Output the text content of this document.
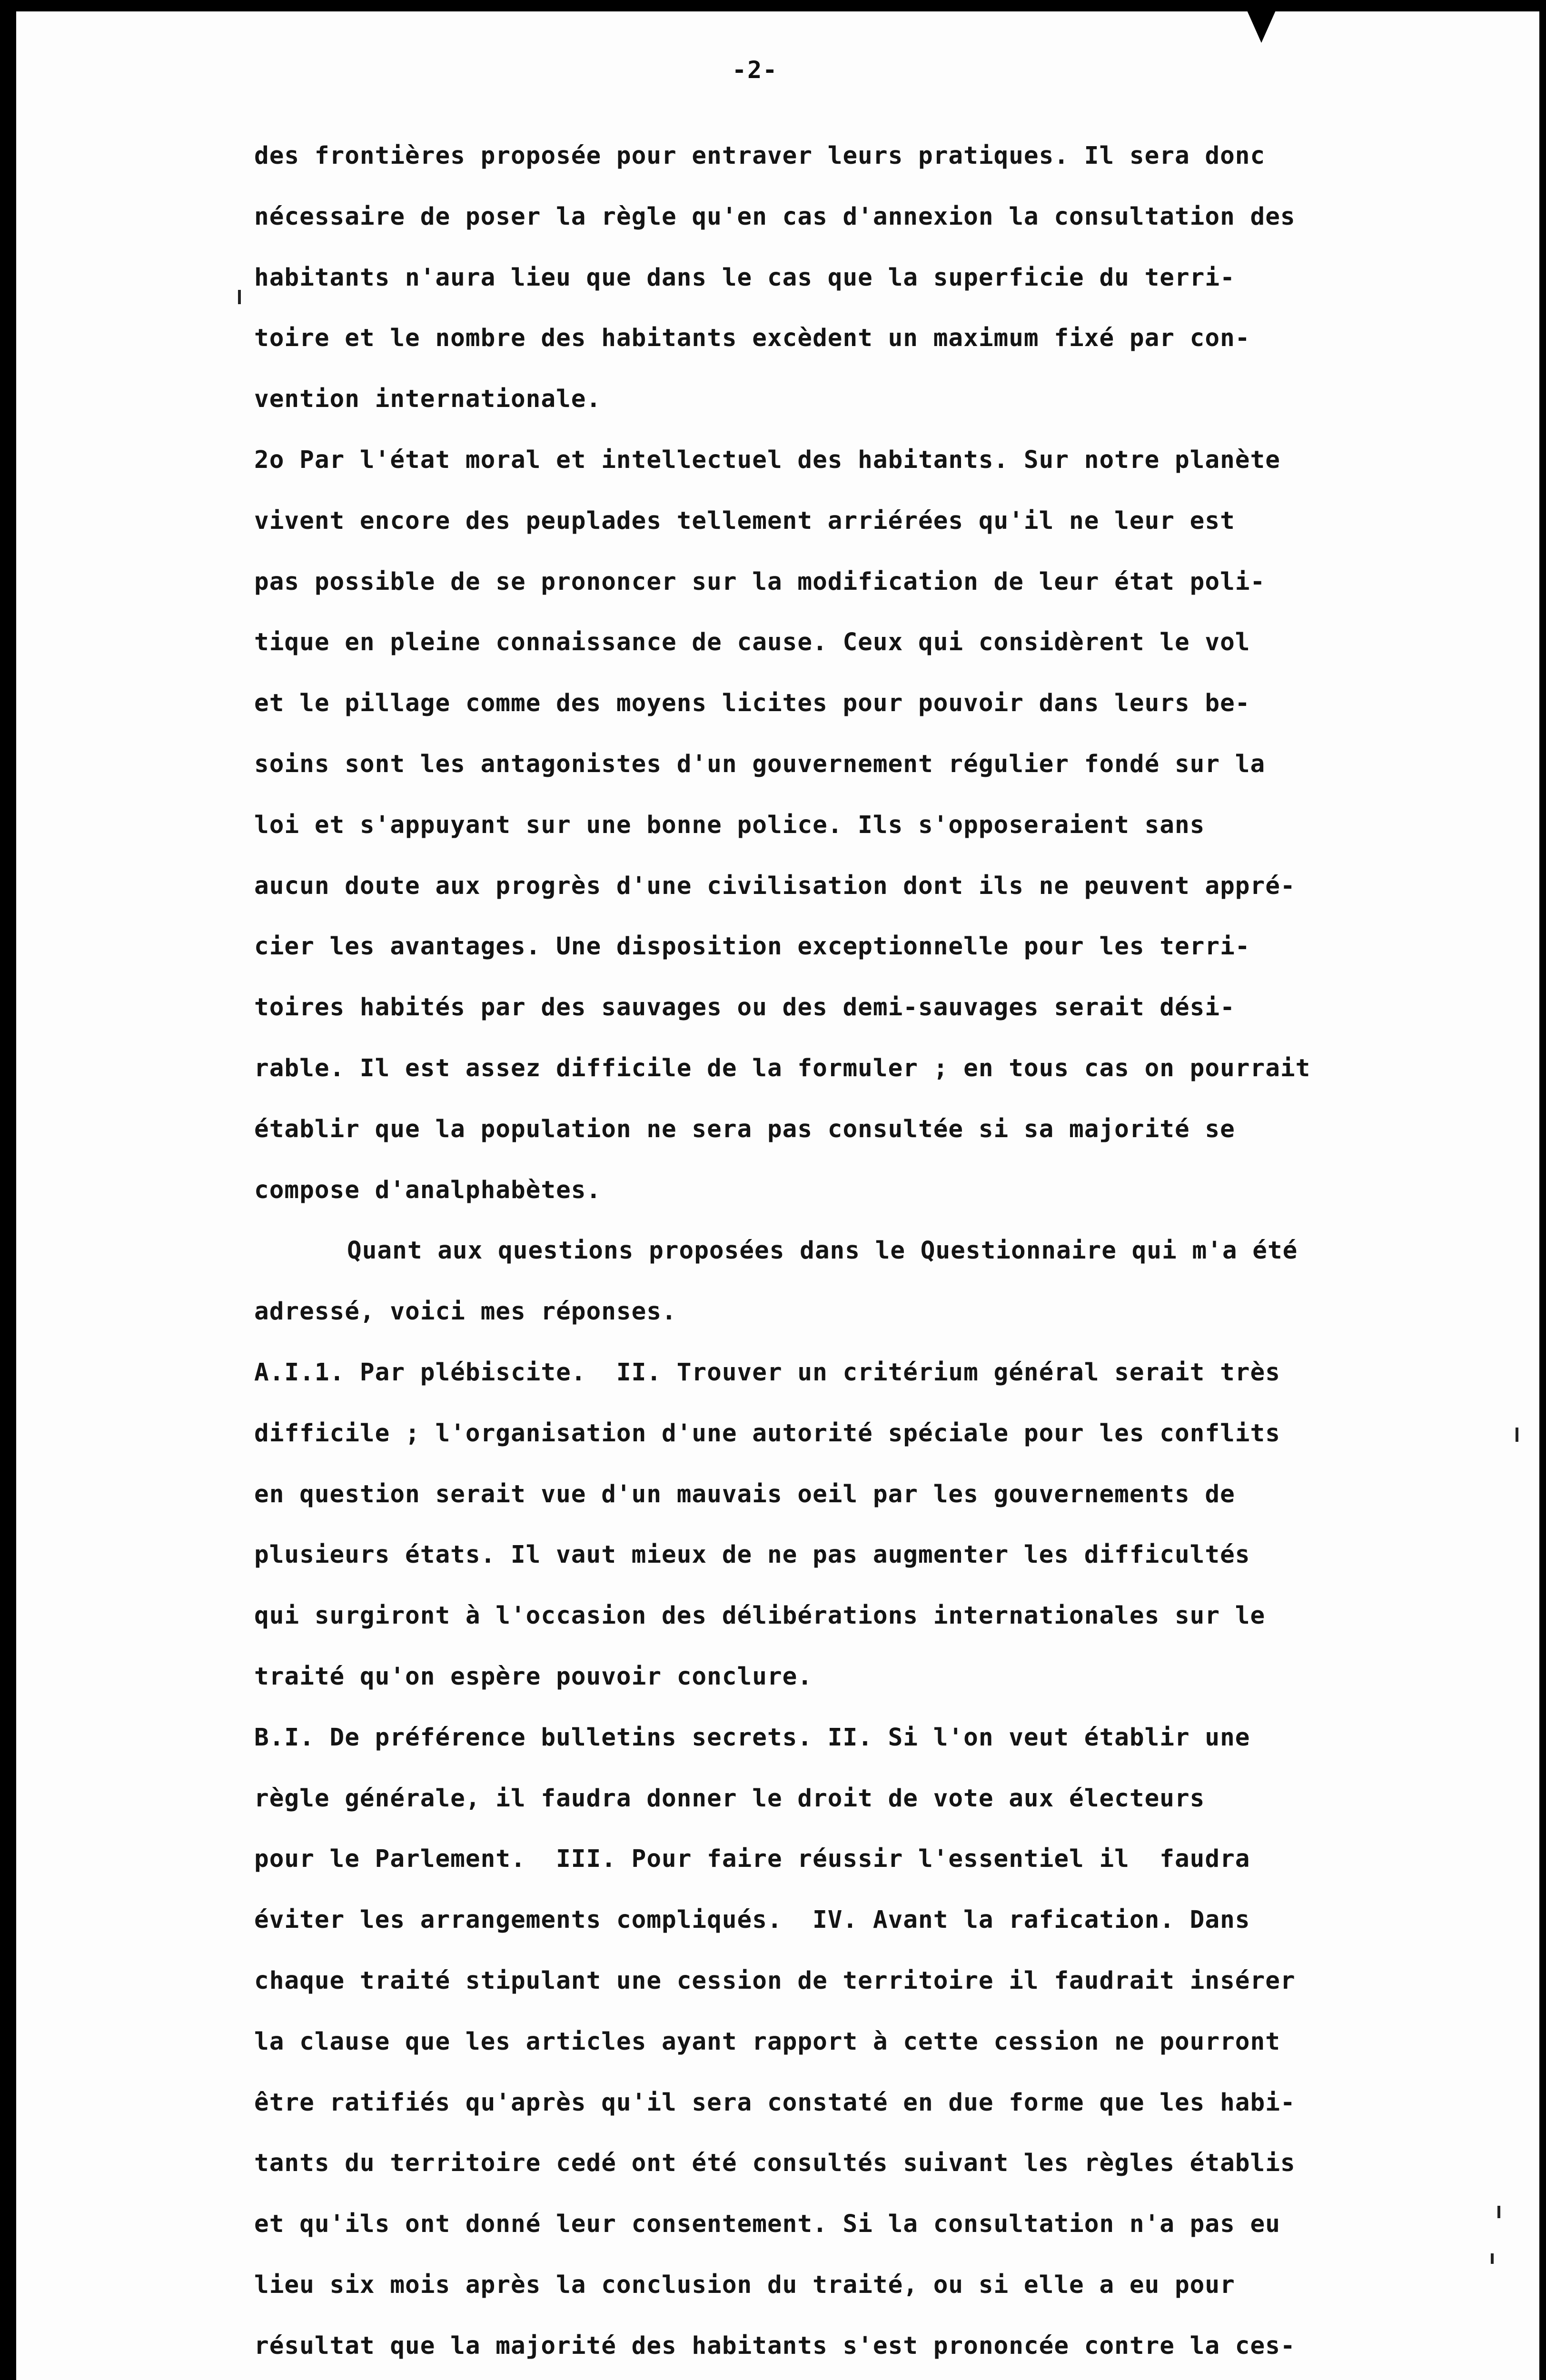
-2-
des frontières proposée pour entraver leurs pratiques. Il sera donc
nécessaire de poser la règle qu'en cas d'annexion la consultation des
habitants n'aura lieu que dans le cas que la superficie du terri-
toire et le nombre des habitants excèdent un maximum fixé par con-
vention internationale.
2o Par l'état moral et intellectuel des habitants. Sur notre planète
vivent encore des peuplades tellement arriérées qu'il ne leur est
pas possible de se prononcer sur la modification de leur état poli-
tique en pleine connaissance de cause. Ceux qui considèrent le vol
et le pillage comme des moyens licites pour pouvoir dans leurs be-
soins sont les antagonistes d'un gouvernement régulier fondé sur la
loi et s'appuyant sur une bonne police. Ils s'opposeraient sans
aucun doute aux progrès d'une civilisation dont ils ne peuvent appré-
cier les avantages. Une disposition exceptionnelle pour les terri-
toires habités par des sauvages ou des demi-sauvages serait dési-
rable. Il est assez difficile de la formuler ; en tous cas on pourrait
établir que la population ne sera pas consultée si sa majorité se
compose d'analphabètes.
Quant aux questions proposées dans le Questionnaire qui m'a été
adressé, voici mes réponses.
A.I.1. Par plébiscite.  II. Trouver un critérium général serait très
difficile ; l'organisation d'une autorité spéciale pour les conflits
en question serait vue d'un mauvais oeil par les gouvernements de
plusieurs états. Il vaut mieux de ne pas augmenter les difficultés
qui surgiront à l'occasion des délibérations internationales sur le
traité qu'on espère pouvoir conclure.
B.I. De préférence bulletins secrets. II. Si l'on veut établir une
règle générale, il faudra donner le droit de vote aux électeurs
pour le Parlement.  III. Pour faire réussir l'essentiel il  faudra
éviter les arrangements compliqués.  IV. Avant la rafication. Dans
chaque traité stipulant une cession de territoire il faudrait insérer
la clause que les articles ayant rapport à cette cession ne pourront
être ratifiés qu'après qu'il sera constaté en due forme que les habi-
tants du territoire cedé ont été consultés suivant les règles établis
et qu'ils ont donné leur consentement. Si la consultation n'a pas eu
lieu six mois après la conclusion du traité, ou si elle a eu pour
résultat que la majorité des habitants s'est prononcée contre la ces-
